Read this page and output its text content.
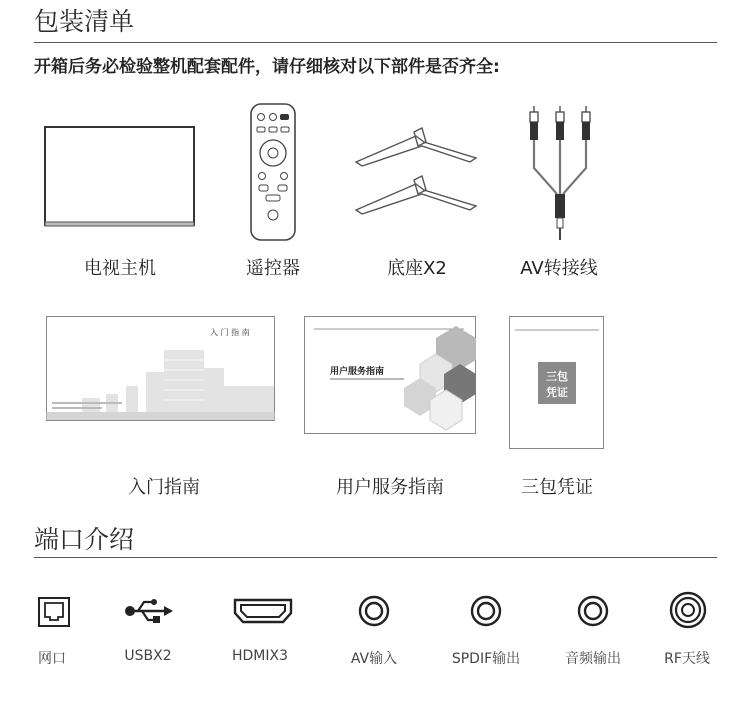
包装清单
开箱后务必检验整机配套配件，请仔细核对以下部件是否齐全:
电视主机	遥控器	底座X2	AV转接线
入 门 指 南
用户服务指南	三包
凭证
入门指南	用户服务指南	三包凭证
端口介绍
网口	USBX2	HDMIX3	AV输入	SPDIF输出	音频输出	RF天线
